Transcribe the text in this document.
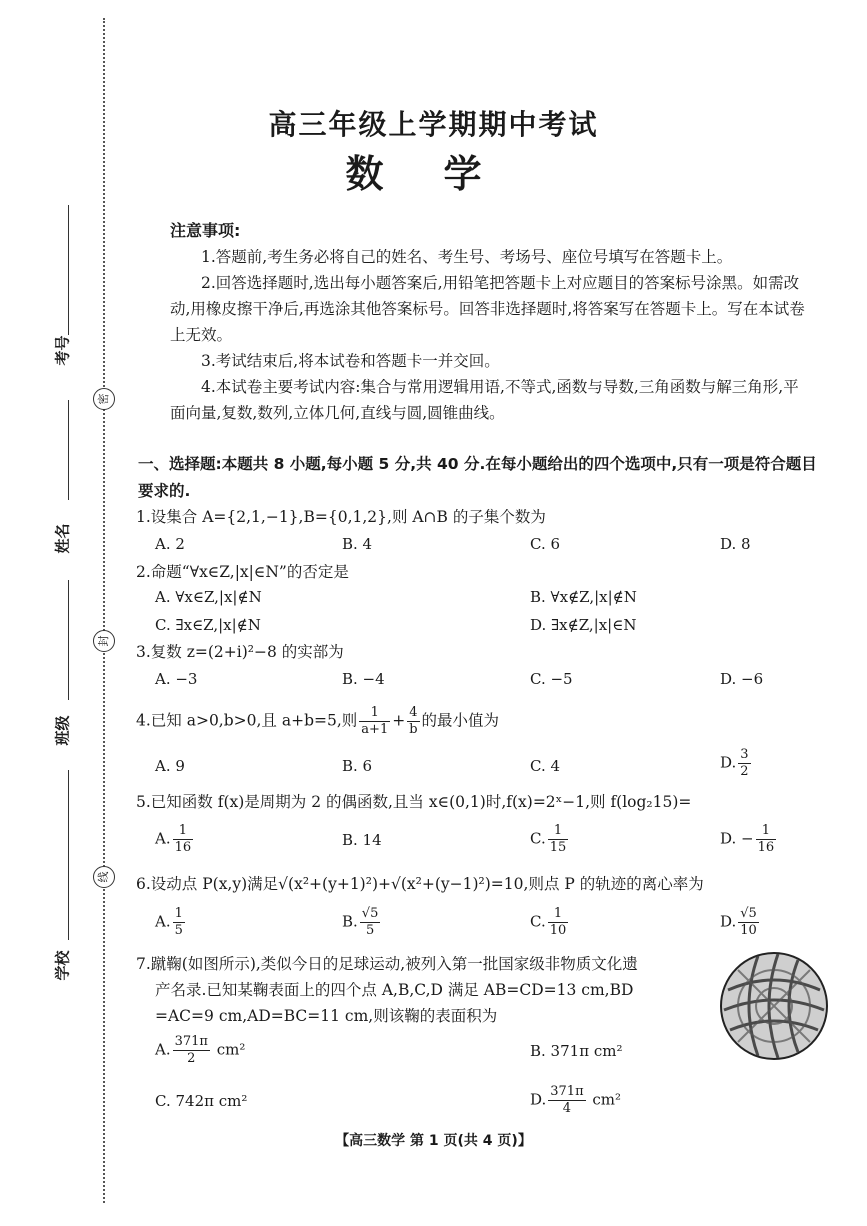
密
封
线
考号
姓名
班级
学校
高三年级上学期期中考试
数学
注意事项:
1.答题前,考生务必将自己的姓名、考生号、考场号、座位号填写在答题卡上。
2.回答选择题时,选出每小题答案后,用铅笔把答题卡上对应题目的答案标号涂黑。如需改动,用橡皮擦干净后,再选涂其他答案标号。回答非选择题时,将答案写在答题卡上。写在本试卷上无效。
3.考试结束后,将本试卷和答题卡一并交回。
4.本试卷主要考试内容:集合与常用逻辑用语,不等式,函数与导数,三角函数与解三角形,平面向量,复数,数列,立体几何,直线与圆,圆锥曲线。
一、选择题:本题共 8 小题,每小题 5 分,共 40 分.在每小题给出的四个选项中,只有一项是符合题目要求的.
1.设集合 A={2,1,−1},B={0,1,2},则 A∩B 的子集个数为
A. 2	B. 4	C. 6	D. 8
2.命题“∀x∈Z,|x|∈N”的否定是
A. ∀x∈Z,|x|∉N	B. ∀x∉Z,|x|∉N
C. ∃x∈Z,|x|∉N	D. ∃x∉Z,|x|∈N
3.复数 z=(2+i)²−8 的实部为
A. −3	B. −4	C. −5	D. −6
4.已知 a>0,b>0,且 a+b=5,则 $\frac{1}{a+1} + \frac{4}{b}$ 的最小值为
A. 9	B. 6	C. 4	D. $\frac{3}{2}$
5.已知函数 f(x)是周期为 2 的偶函数,且当 x∈(0,1)时,f(x)=2ˣ−1,则 f(log₂15)=
A. $\frac{1}{16}$	B. 14	C. $\frac{1}{15}$	D. − $\frac{1}{16}$
6.设动点 P(x,y)满足√(x²+(y+1)²)+√(x²+(y−1)²)=10,则点 P 的轨迹的离心率为
A. $\frac{1}{5}$	B. $\frac{√5}{5}$	C. $\frac{1}{10}$	D. $\frac{√5}{10}$
7.蹴鞠(如图所示),类似今日的足球运动,被列入第一批国家级非物质文化遗
产名录.已知某鞠表面上的四个点 A,B,C,D 满足 AB=CD=13 cm,BD
=AC=9 cm,AD=BC=11 cm,则该鞠的表面积为
A. $\frac{371\pi}{2} cm^2$	B. 371π cm²
C. 742π cm²	D. $\frac{371\pi}{4} cm^2$
【高三数学 第 1 页(共 4 页)】
